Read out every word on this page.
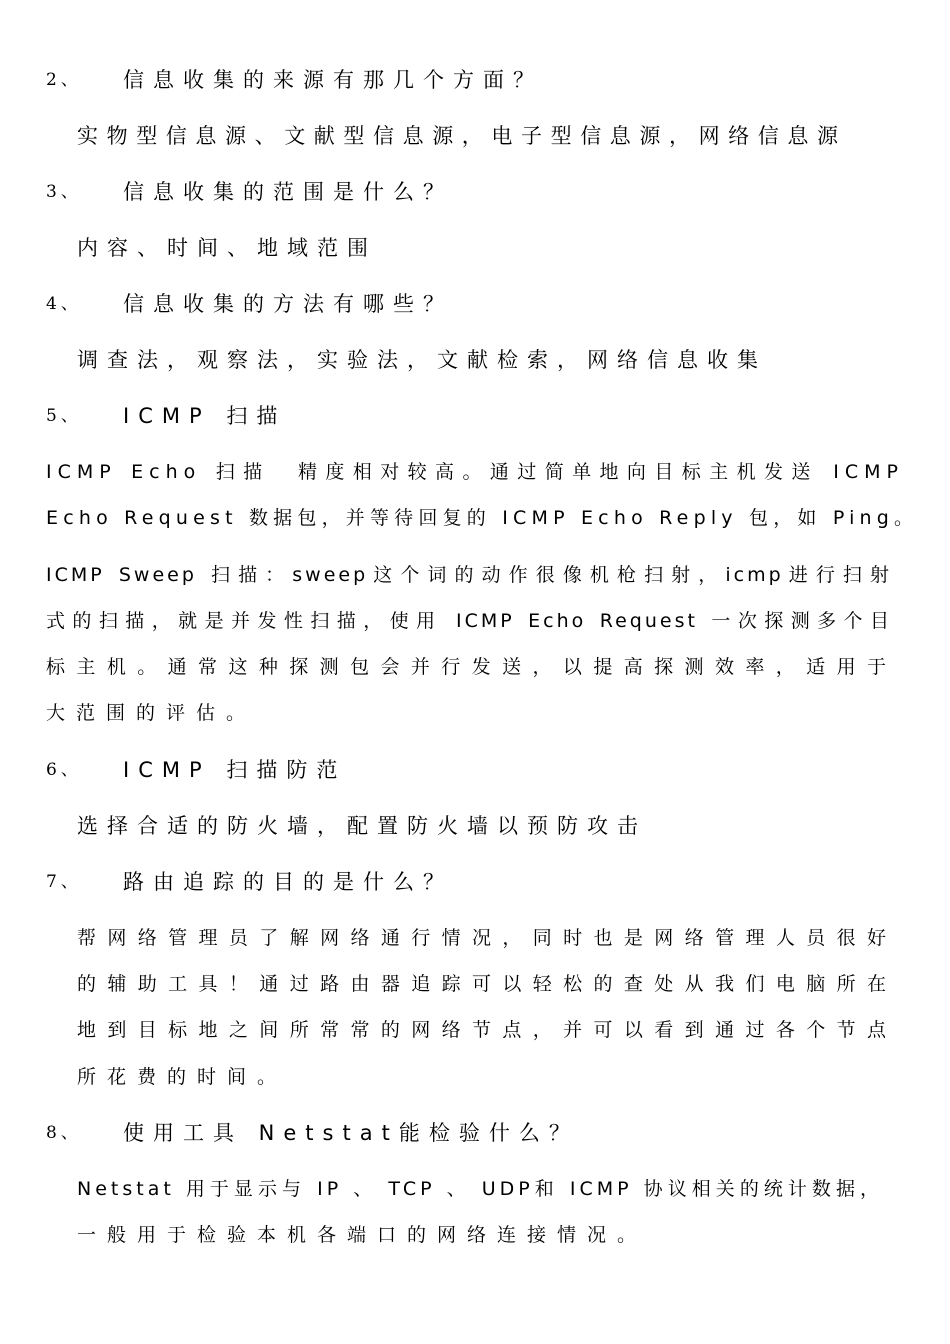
2、 信息收集的来源有那几个方面？
实物型信息源、文献型信息源，电子型信息源，网络信息源
3、 信息收集的范围是什么？
内容、时间、地域范围
4、 信息收集的方法有哪些？
调查法，观察法，实验法，文献检索，网络信息收集
5、 ICMP 扫描
ICMP Echo 扫描　精度相对较高。通过简单地向目标主机发送 ICMP
Echo Request 数据包，并等待回复的 ICMP Echo Reply 包，如 Ping。
ICMP Sweep 扫描：sweep这个词的动作很像机枪扫射，icmp进行扫射
式的扫描，就是并发性扫描，使用 ICMP Echo Request 一次探测多个目
标主机。通常这种探测包会并行发送，以提高探测效率，适用于
大范围的评估。
6、 ICMP 扫描防范
选择合适的防火墙，配置防火墙以预防攻击
7、 路由追踪的目的是什么？
帮网络管理员了解网络通行情况，同时也是网络管理人员很好
的辅助工具！通过路由器追踪可以轻松的查处从我们电脑所在
地到目标地之间所常常的网络节点，并可以看到通过各个节点
所花费的时间。
8、 使用工具 Netstat能检验什么？
Netstat 用于显示与 IP 、 TCP 、 UDP和 ICMP 协议相关的统计数据，
一般用于检验本机各端口的网络连接情况。
